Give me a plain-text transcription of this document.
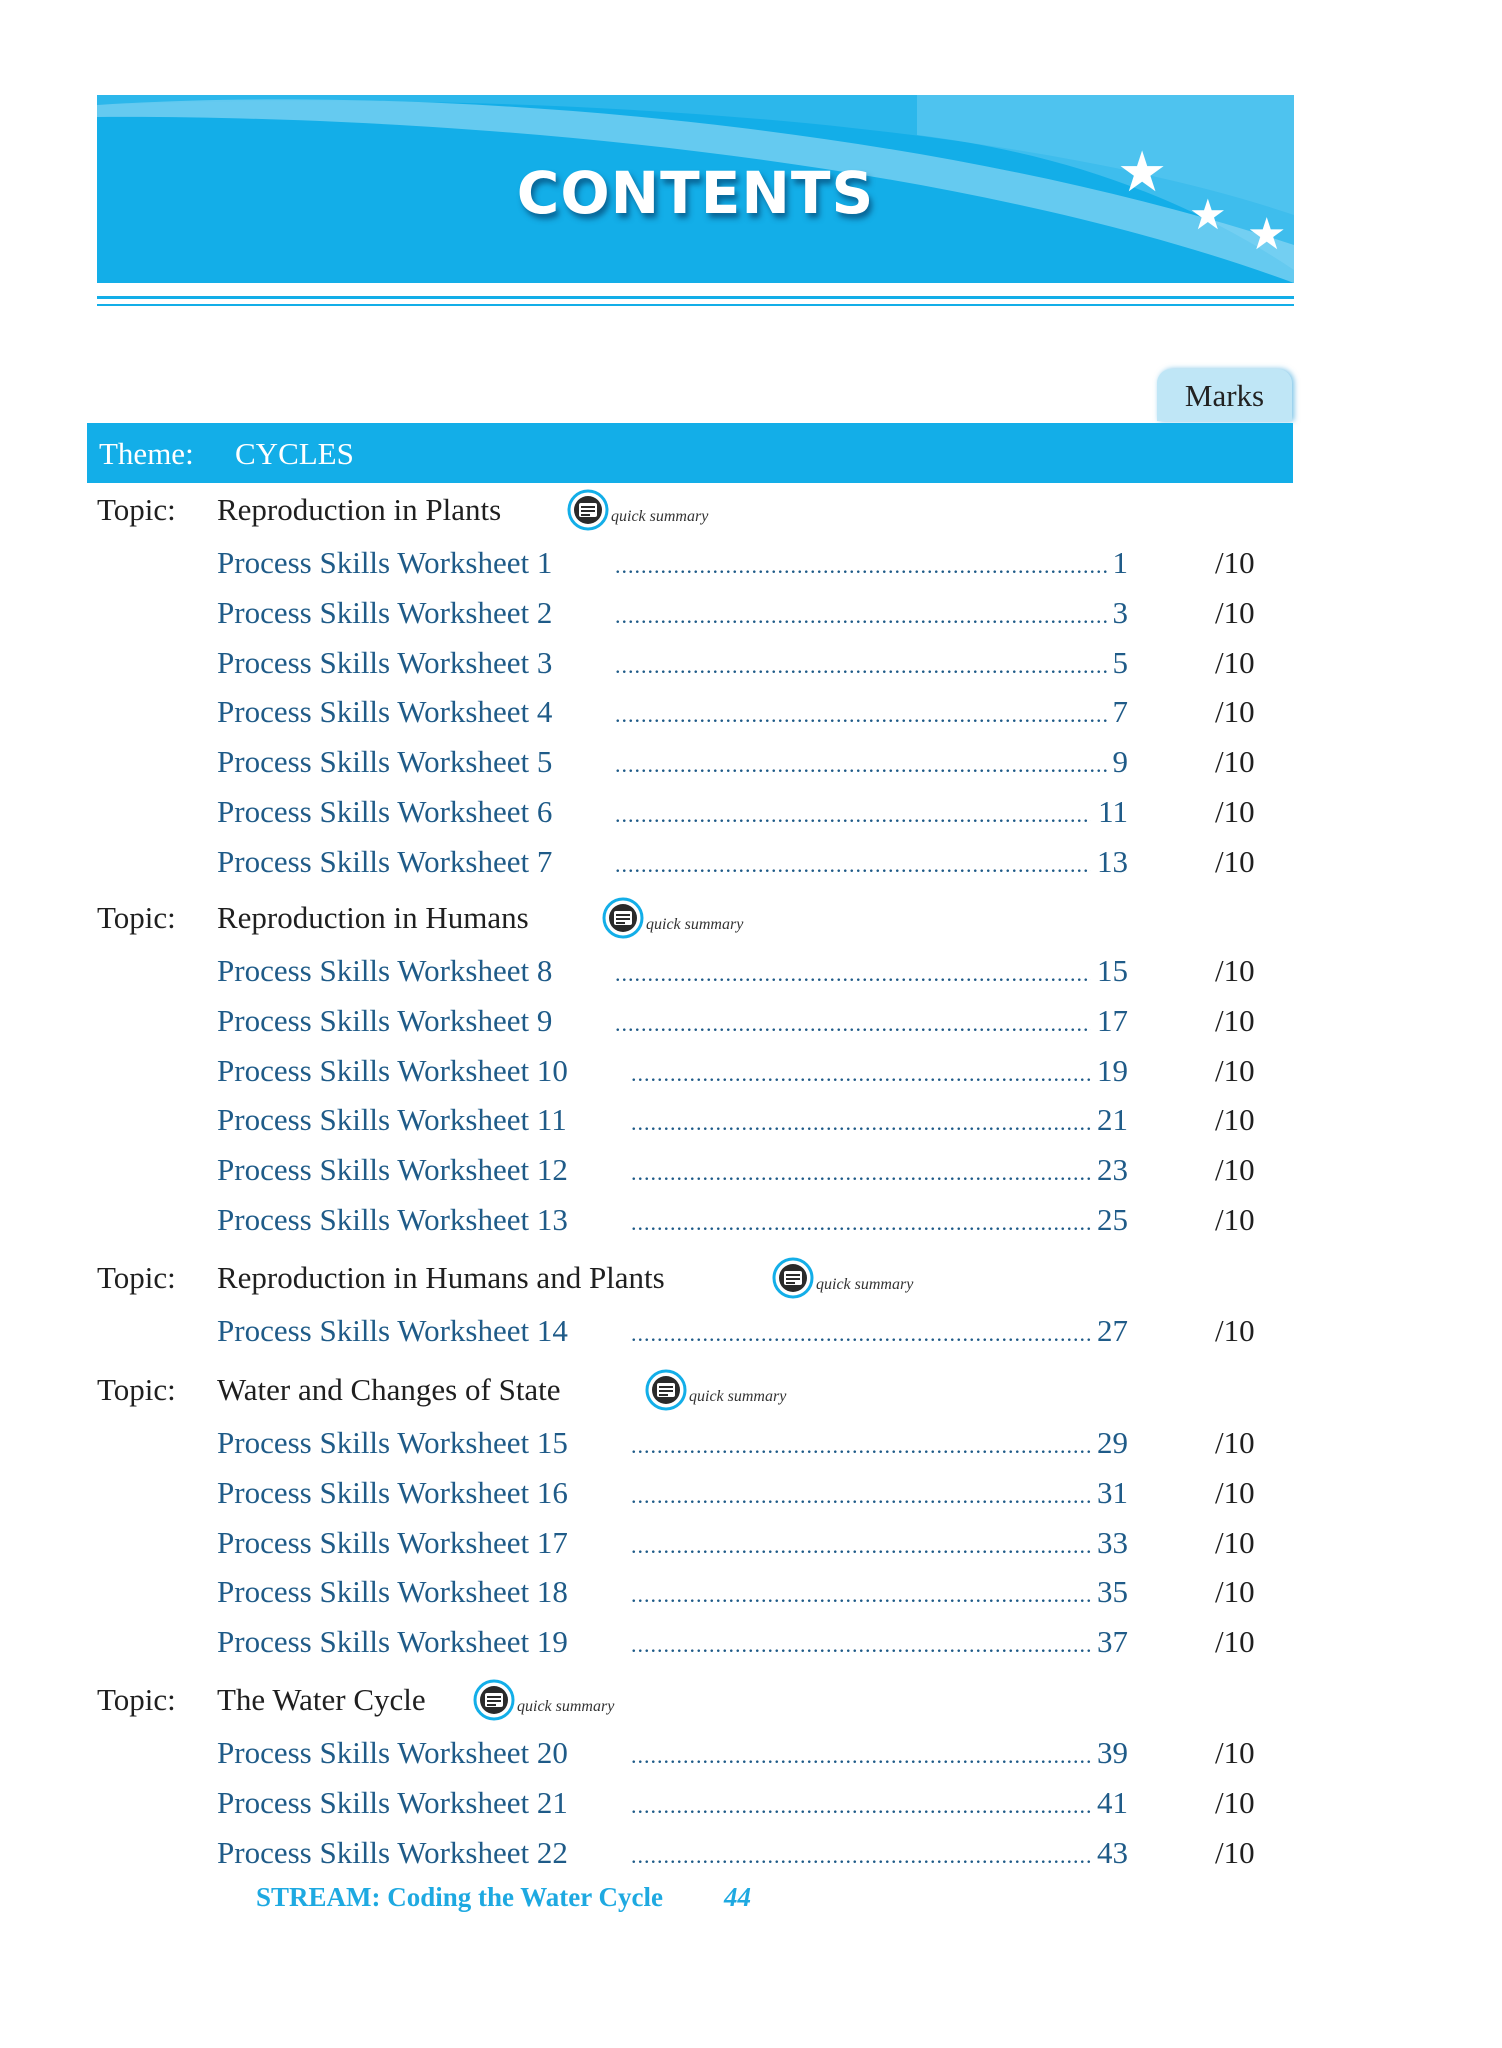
CONTENTS	★
★ ★
Marks
Theme: CYCLES
Topic: Reproduction in Plants	quick summary
Process Skills Worksheet 1 .....	1	/10
Process Skills Worksheet 2 .....	3	/10
Process Skills Worksheet 3 .....	5	/10
Process Skills Worksheet 4 .....	7	/10
Process Skills Worksheet 5 .....	9	/10
Process Skills Worksheet 6 .....	11	/10
Process Skills Worksheet 7 .....	13	/10
Topic: Reproduction in Humans	quick summary
Process Skills Worksheet 8 .....	15	/10
Process Skills Worksheet 9 .....	17	/10
Process Skills Worksheet 10 .....	19	/10
Process Skills Worksheet 11 .....	21	/10
Process Skills Worksheet 12 .....	23	/10
Process Skills Worksheet 13 .....	25	/10
Topic: Reproduction in Humans and Plants	quick summary
Process Skills Worksheet 14 .....	27	/10
Topic: Water and Changes of State	quick summary
Process Skills Worksheet 15 .....	29	/10
Process Skills Worksheet 16 .....	31	/10
Process Skills Worksheet 17 .....	33	/10
Process Skills Worksheet 18 .....	35	/10
Process Skills Worksheet 19 .....	37	/10
Topic: The Water Cycle	quick summary
Process Skills Worksheet 20 .....	39	/10
Process Skills Worksheet 21 .....	41	/10
Process Skills Worksheet 22 .....	43	/10
STREAM: Coding the Water Cycle 44
